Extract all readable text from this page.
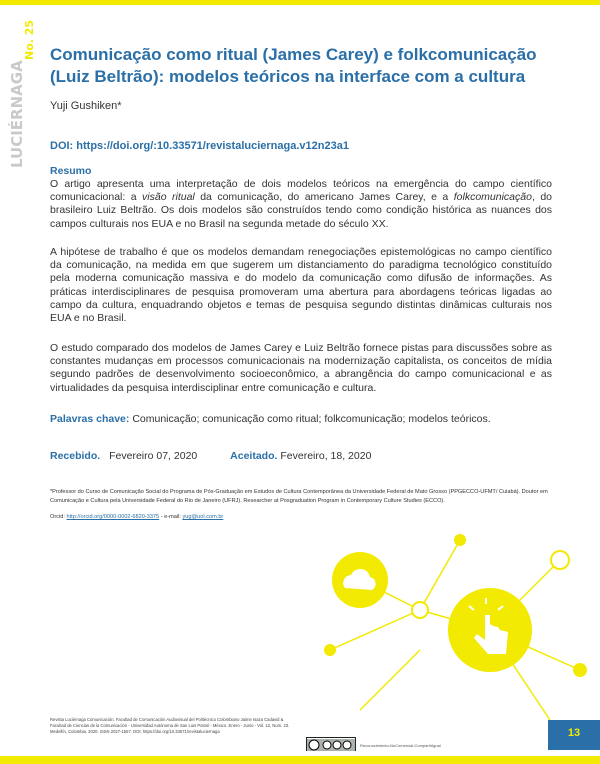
LUCIÉRNAGA
No. 25 Comunicação como ritual (James Carey) e folkcomunicação (Luiz Beltrão): modelos teóricos na interface com a cultura
Yuji Gushiken*
DOI: https://doi.org/:10.33571/revistaluciernaga.v12n23a1
Resumo

O artigo apresenta uma interpretação de dois modelos teóricos na emergência do campo científico comunicacional: a visão ritual da comunicação, do americano James Carey, e a folkcomunicação, do brasileiro Luiz Beltrão. Os dois modelos são construídos tendo como condição histórica as nuances dos campos culturais nos EUA e no Brasil na segunda metade do século XX.

A hipótese de trabalho é que os modelos demandam renegociações epistemológicas no campo científico da comunicação, na medida em que sugerem um distanciamento do paradigma tecnológico constituído pela moderna comunicação massiva e do modelo da comunicação como difusão de informações. As práticas interdisciplinares de pesquisa promoveram uma abertura para abordagens teóricas ligadas ao campo da cultura, enquadrando objetos e temas de pesquisa segundo distintas dinâmicas culturais nos EUA e no Brasil.

O estudo comparado dos modelos de James Carey e Luiz Beltrão fornece pistas para discussões sobre as constantes mudanças em processos comunicacionais na modernização capitalista, os conceitos de mídia segundo padrões de desenvolvimento socioeconômico, a abrangência do campo comunicacional e as virtualidades da pesquisa interdisciplinar entre comunicação e cultura.

Palavras chave: Comunicação; comunicação como ritual; folkcomunicação; modelos teóricos.
Recebido. Fevereiro 07, 2020	Aceitado. Fevereiro, 18, 2020
*Professor do Curso de Comunicação Social do Programa de Pós-Graduação em Estudos de Cultura Contemporânea da Universidade Federal de Mato Grosso (PPGECCO-UFMT/ Cuiabá). Doutor em Comunicação e Cultura pela Universidade Federal do Rio de Janeiro (UFRJ). Researcher at Posgraduation Program in Contemporary Culture Studies (ECCO).
Orcid: http://orcid.org/0000-0002-6820-3375 - e-mail: yug@uol.com.br
Revista Luciérnaga Comunicación. Facultad de Comunicación Audiovisual del Politécnico Colombiano Jaime Isaza Cadavid & Facultad de Ciencias de la Comunicación - Universidad Autónoma de San Luis Potosí - México. Enero - Junio - Vol. 12, Num. 23. Medellín, Colombia. 2020. ISSN 2027-1557. DOI: https://doi.org/10.33571/revistaluciernaga
Reconocimiento-NoComercial-CompartirIgual
13
